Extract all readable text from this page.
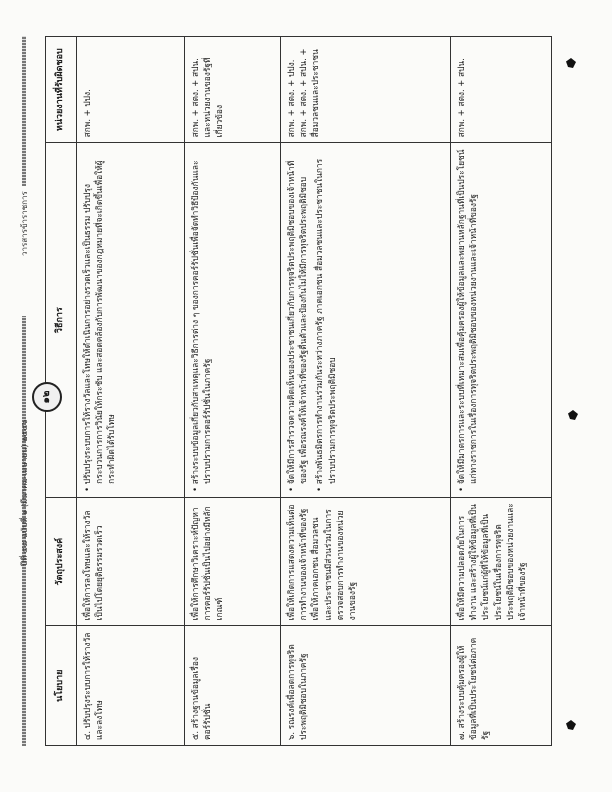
นโยบาย	วัตถุประสงค์	วิธีการ	หน่วยงานที่รับผิดชอบ
๔. ปรับปรุงระบบการให้รางวัลและลงโทษ	เพื่อให้การลงโทษและให้รางวัลเป็นไปโดยยุติธรรมรวดเร็ว	• ปรับปรุงระบบการให้รางวัลและโทษให้ดำเนินการอย่างรวดเร็วและเป็นธรรม ปรับปรุงกระบวนการการวินัยให้กระชับ และสอดคล้องกับการพัฒนาของกฎหมายที่จะเกิดขึ้นเพื่อให้ผู้กระทำผิดได้รับโทษ	สกพ. + ปปง.
๕. สร้างฐานข้อมูลเรื่องคอร์รัปชั่น	เพื่อให้การศึกษาวิเคราะห์ปัญหาการคอร์รัปชั่นเป็นไปอย่างมีหลักเกณฑ์	• สร้างระบบข้อมูลเกี่ยวกับสาเหตุและวิธีการต่าง ๆ ของการคอร์รัปชั่นเพื่อจัดทำวิธีป้องกันและปราบปรามการคอร์รัปชั่นในภาครัฐ	สกพ. + สตง. + สปน. และหน่วยงานของรัฐที่เกี่ยวข้อง
๖. รณรงค์เพื่อลดการทุจริตประพฤติมิชอบในภาครัฐ	เพื่อให้เกิดการแสดงความเห็นต่อการทำงานของเจ้าหน้าที่ของรัฐ เพื่อให้ภาคเอกชน สื่อมวลชนและประชาชนมีส่วนร่วมในการตรวจสอบการทำงานของหน่วยงานของรัฐ	• จัดให้มีการสำรวจความคิดเห็นของประชาชนเกี่ยวกับการทุจริตประพฤติมิชอบของเจ้าหน้าที่ของรัฐ เพื่อรณรงค์ให้เจ้าหน้าที่ของรัฐตื่นตัวและป้องกันไม่ให้มีการทุจริตประพฤติมิชอบ • สร้างพันธมิตรการทำงานร่วมกันระหว่างภาครัฐ ภาคเอกชน สื่อมวลชนและประชาชนในการปราบปรามการทุจริตประพฤติมิชอบ	สกพ. + สตง. + ปปง. สกพ. + สตง. + สปน. + สื่อมวลชนและประชาชน
๗. สร้างระบบคุ้มครองผู้ให้ข้อมูลที่เป็นประโยชน์ต่อภาครัฐ	เพื่อให้มีความปลอดภัยในการทำงาน และสร้างผู้ให้ข้อมูลที่เป็นประโยชน์แก่ผู้ที่ให้ข้อมูลที่เป็นประโยชน์ในเรื่องการทุจริตประพฤติมิชอบของหน่วยงานและเจ้าหน้าที่ของรัฐ	• จัดให้มีมาตรการและระบบที่เหมาะสมเพื่อคุ้มครองผู้ให้ข้อมูลและพยานหลักฐานที่เป็นประโยชน์แก่ทางราชการในเรื่องการทุจริตประพฤติมิชอบของหน่วยงานและเจ้าหน้าที่ของรัฐ	สกพ. + สตง. + สปน.
ปีที่ ๔๘ ฉบับที่ ๑ (มีนาคม-เมษายน) ๒๕๔๖
วารสารข้าราชการ
๑๒
